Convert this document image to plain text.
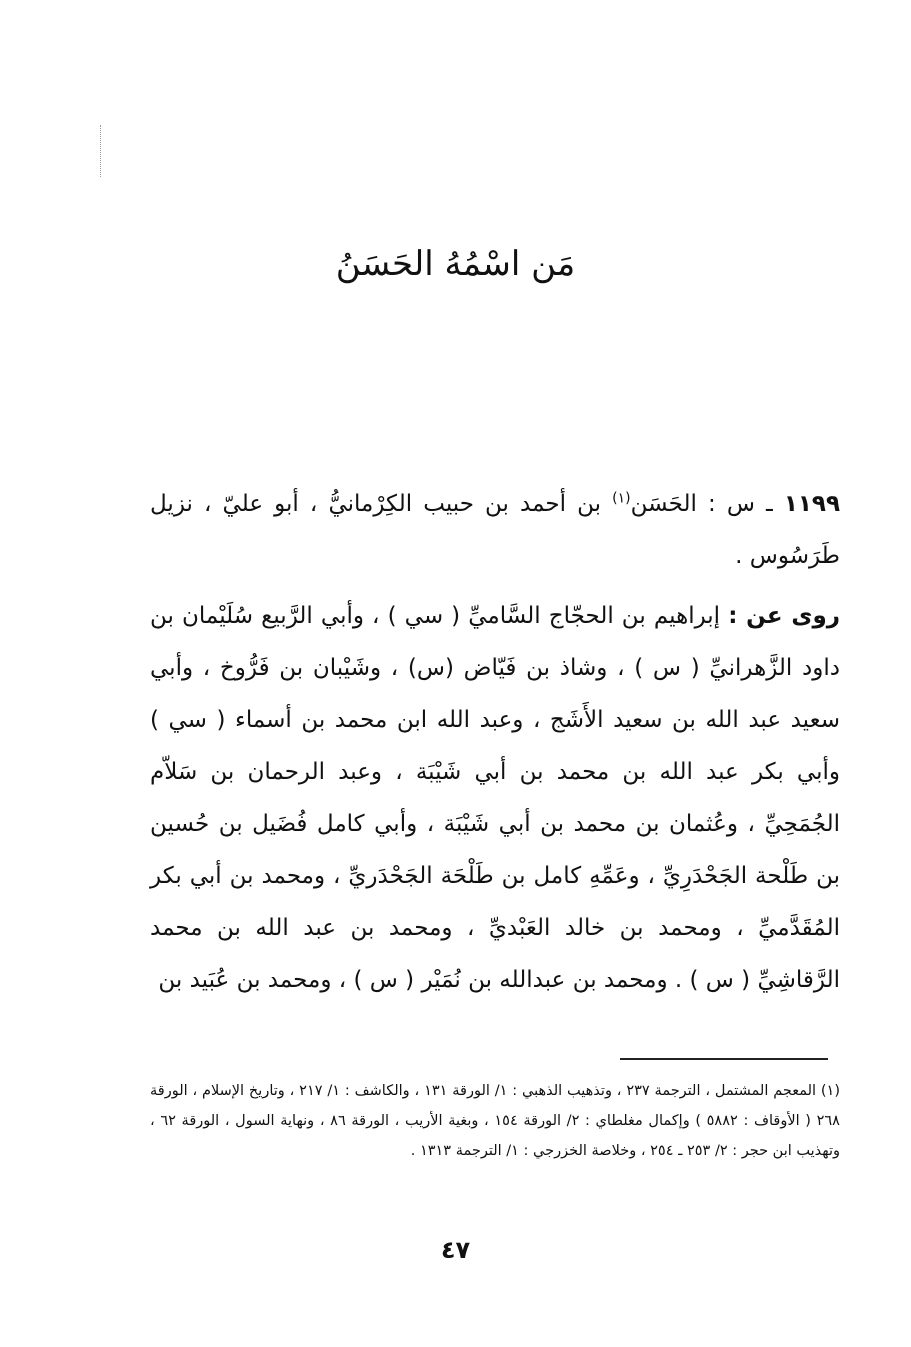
مَن اسْمُهُ الحَسَنُ

١١٩٩ ـ س : الحَسَن$^{(١)}$ بن أحمد بن حبيب الكِرْمانيُّ ، أبو عليّ ، نزيل طَرَسُوس .

روى عن : إبراهيم بن الحجّاج السَّاميِّ ( سي ) ، وأبي الرَّبيع سُلَيْمان بن داود الزَّهرانيِّ ( س ) ، وشاذ بن فَيّاض (س) ، وشَيْبان بن فَرُّوخ ، وأبي سعيد عبد الله بن سعيد الأَشَج ، وعبد الله ابن محمد بن أسماء ( سي ) وأبي بكر عبد الله بن محمد بن أبي شَيْبَة ، وعبد الرحمان بن سَلاّم الجُمَحِيِّ ، وعُثمان بن محمد بن أبي شَيْبَة ، وأبي كامل فُضَيل بن حُسين بن طَلْحة الجَحْدَرِيِّ ، وعَمِّهِ كامل بن طَلْحَة الجَحْدَريِّ ، ومحمد بن أبي بكر المُقَدَّميِّ ، ومحمد بن خالد العَبْديِّ ، ومحمد بن عبد الله بن محمد الرَّقاشِيِّ ( س ) . ومحمد بن عبدالله بن نُمَيْر ( س ) ، ومحمد بن عُبَيد بن

(١) المعجم المشتمل ، الترجمة ٢٣٧ ، وتذهيب الذهبي : ١/ الورقة ١٣١ ، والكاشف : ١/ ٢١٧ ، وتاريخ الإسلام ، الورقة ٢٦٨ ( الأوقاف : ٥٨٨٢ ) وإكمال مغلطاي : ٢/ الورقة ١٥٤ ، وبغية الأريب ، الورقة ٨٦ ، ونهاية السول ، الورقة ٦٢ ، وتهذيب ابن حجر : ٢/ ٢٥٣ ـ ٢٥٤ ، وخلاصة الخزرجي : ١/ الترجمة ١٣١٣ .

٤٧
